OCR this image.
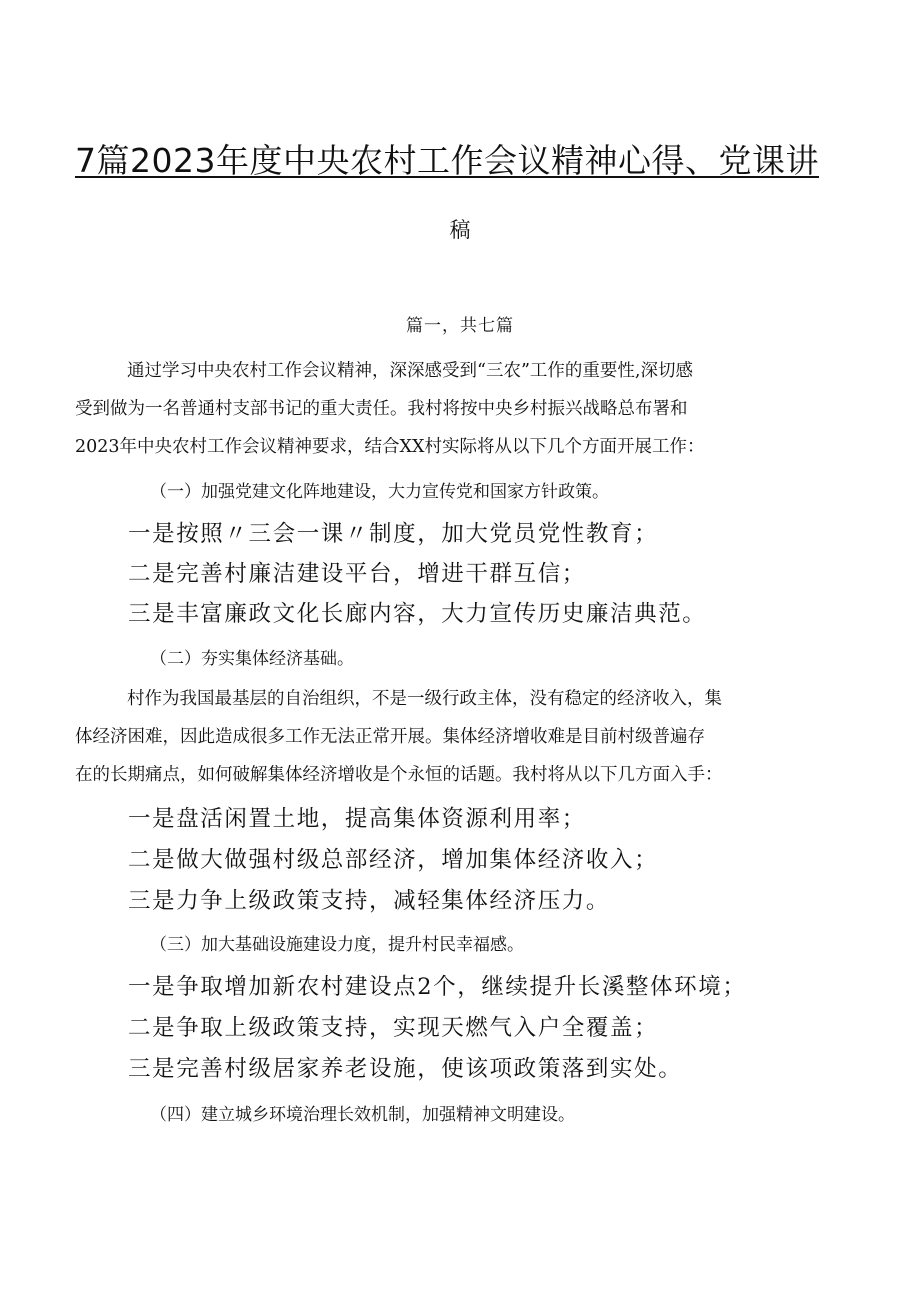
7篇2023年度中央农村工作会议精神心得、党课讲
稿
篇一，共七篇
通过学习中央农村工作会议精神，深深感受到“三农”工作的重要性,深切感
受到做为一名普通村支部书记的重大责任。我村将按中央乡村振兴战略总布署和
2023年中央农村工作会议精神要求，结合XX村实际将从以下几个方面开展工作：
（一）加强党建文化阵地建设，大力宣传党和国家方针政策。
一是按照〃三会一课〃制度，加大党员党性教育；
二是完善村廉洁建设平台，增进干群互信；
三是丰富廉政文化长廊内容，大力宣传历史廉洁典范。
（二）夯实集体经济基础。
村作为我国最基层的自治组织，不是一级行政主体，没有稳定的经济收入，集
体经济困难，因此造成很多工作无法正常开展。集体经济增收难是目前村级普遍存
在的长期痛点，如何破解集体经济增收是个永恒的话题。我村将从以下几方面入手：
一是盘活闲置土地，提高集体资源利用率；
二是做大做强村级总部经济，增加集体经济收入；
三是力争上级政策支持，减轻集体经济压力。
（三）加大基础设施建设力度，提升村民幸福感。
一是争取增加新农村建设点2个，继续提升长溪整体环境；
二是争取上级政策支持，实现天燃气入户全覆盖；
三是完善村级居家养老设施，使该项政策落到实处。
（四）建立城乡环境治理长效机制，加强精神文明建设。
